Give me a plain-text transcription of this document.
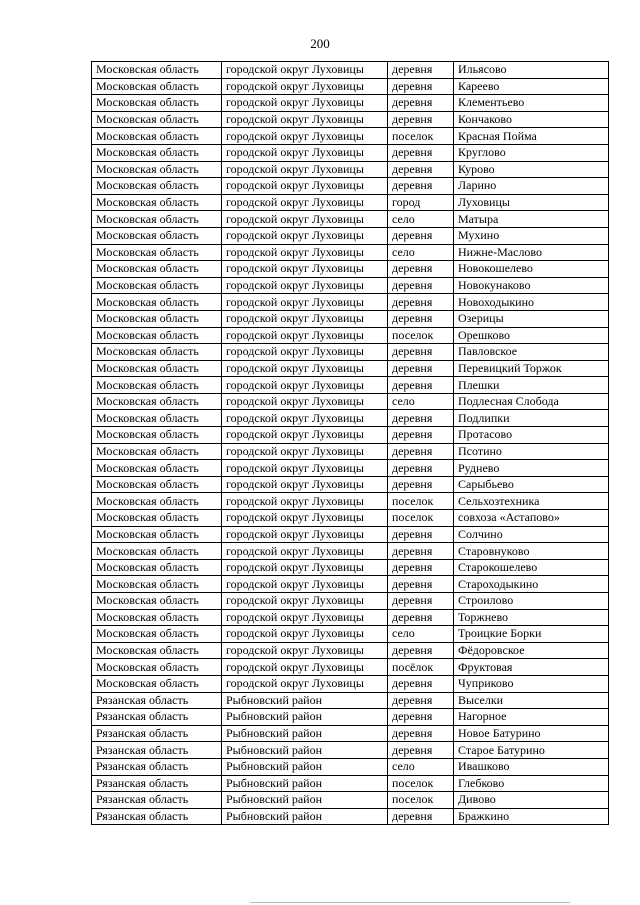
200
Московская область	городской округ Луховицы	деревня	Ильясово
Московская область	городской округ Луховицы	деревня	Кареево
Московская область	городской округ Луховицы	деревня	Клементьево
Московская область	городской округ Луховицы	деревня	Кончаково
Московская область	городской округ Луховицы	поселок	Красная Пойма
Московская область	городской округ Луховицы	деревня	Круглово
Московская область	городской округ Луховицы	деревня	Курово
Московская область	городской округ Луховицы	деревня	Ларино
Московская область	городской округ Луховицы	город	Луховицы
Московская область	городской округ Луховицы	село	Матыра
Московская область	городской округ Луховицы	деревня	Мухино
Московская область	городской округ Луховицы	село	Нижне-Маслово
Московская область	городской округ Луховицы	деревня	Новокошелево
Московская область	городской округ Луховицы	деревня	Новокунаково
Московская область	городской округ Луховицы	деревня	Новоходыкино
Московская область	городской округ Луховицы	деревня	Озерицы
Московская область	городской округ Луховицы	поселок	Орешково
Московская область	городской округ Луховицы	деревня	Павловское
Московская область	городской округ Луховицы	деревня	Перевицкий Торжок
Московская область	городской округ Луховицы	деревня	Плешки
Московская область	городской округ Луховицы	село	Подлесная Слобода
Московская область	городской округ Луховицы	деревня	Подлипки
Московская область	городской округ Луховицы	деревня	Протасово
Московская область	городской округ Луховицы	деревня	Псотино
Московская область	городской округ Луховицы	деревня	Руднево
Московская область	городской округ Луховицы	деревня	Сарыбьево
Московская область	городской округ Луховицы	поселок	Сельхозтехника
Московская область	городской округ Луховицы	поселок	совхоза «Астапово»
Московская область	городской округ Луховицы	деревня	Солчино
Московская область	городской округ Луховицы	деревня	Старовнуково
Московская область	городской округ Луховицы	деревня	Старокошелево
Московская область	городской округ Луховицы	деревня	Староходыкино
Московская область	городской округ Луховицы	деревня	Строилово
Московская область	городской округ Луховицы	деревня	Торжнево
Московская область	городской округ Луховицы	село	Троицкие Борки
Московская область	городской округ Луховицы	деревня	Фёдоровское
Московская область	городской округ Луховицы	посёлок	Фруктовая
Московская область	городской округ Луховицы	деревня	Чуприково
Рязанская область	Рыбновский район	деревня	Выселки
Рязанская область	Рыбновский район	деревня	Нагорное
Рязанская область	Рыбновский район	деревня	Новое Батурино
Рязанская область	Рыбновский район	деревня	Старое Батурино
Рязанская область	Рыбновский район	село	Ивашково
Рязанская область	Рыбновский район	поселок	Глебково
Рязанская область	Рыбновский район	поселок	Дивово
Рязанская область	Рыбновский район	деревня	Бражкино
